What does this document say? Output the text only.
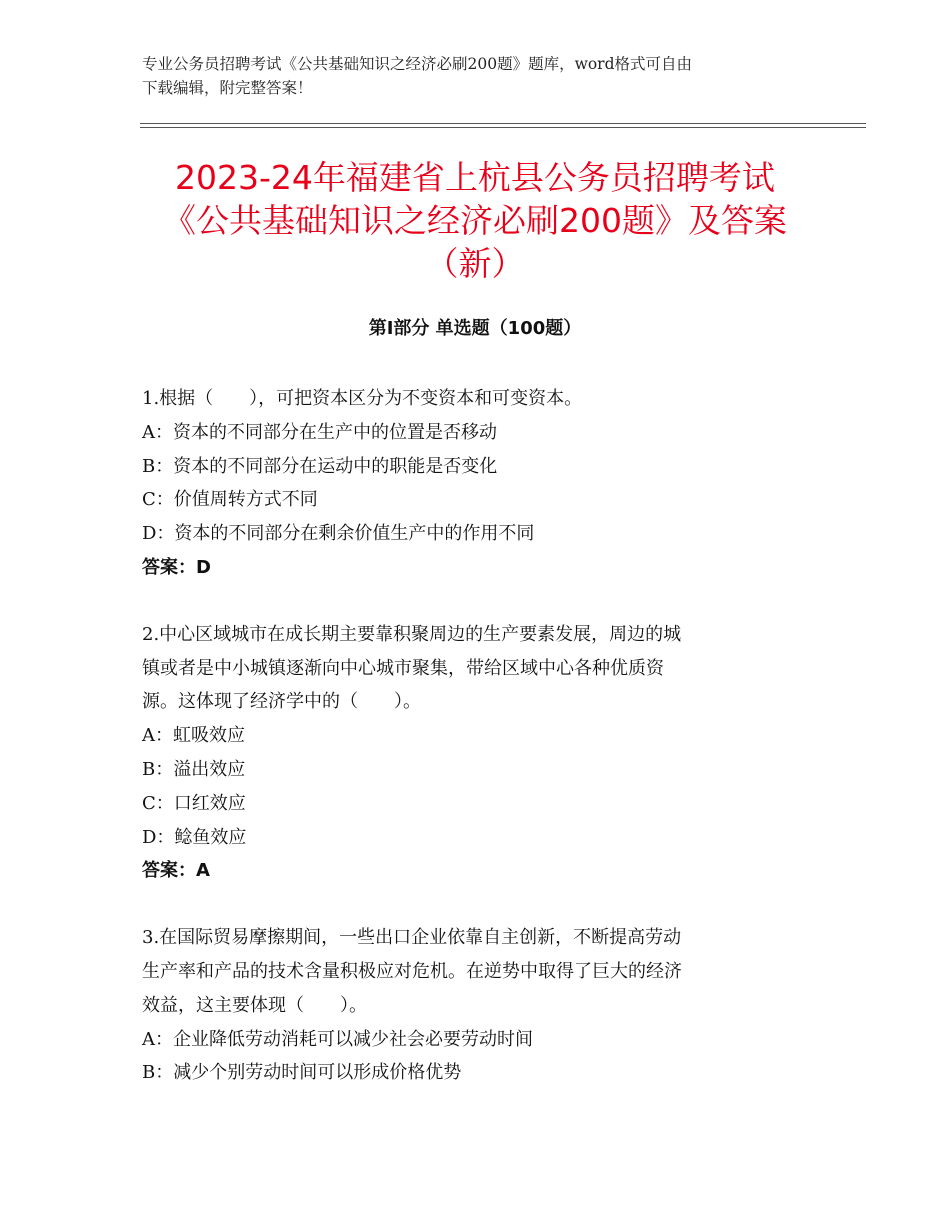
专业公务员招聘考试《公共基础知识之经济必刷200题》题库，word格式可自由
下载编辑，附完整答案！
2023-24年福建省上杭县公务员招聘考试
《公共基础知识之经济必刷200题》及答案
（新）
第Ⅰ部分 单选题（100题）
1.根据（　　），可把资本区分为不变资本和可变资本。
A：资本的不同部分在生产中的位置是否移动
B：资本的不同部分在运动中的职能是否变化
C：价值周转方式不同
D：资本的不同部分在剩余价值生产中的作用不同
答案：D
2.中心区域城市在成长期主要靠积聚周边的生产要素发展，周边的城
镇或者是中小城镇逐渐向中心城市聚集，带给区域中心各种优质资
源。这体现了经济学中的（　　）。
A：虹吸效应
B：溢出效应
C：口红效应
D：鲶鱼效应
答案：A
3.在国际贸易摩擦期间，一些出口企业依靠自主创新，不断提高劳动
生产率和产品的技术含量积极应对危机。在逆势中取得了巨大的经济
效益，这主要体现（　　）。
A：企业降低劳动消耗可以减少社会必要劳动时间
B：减少个别劳动时间可以形成价格优势
